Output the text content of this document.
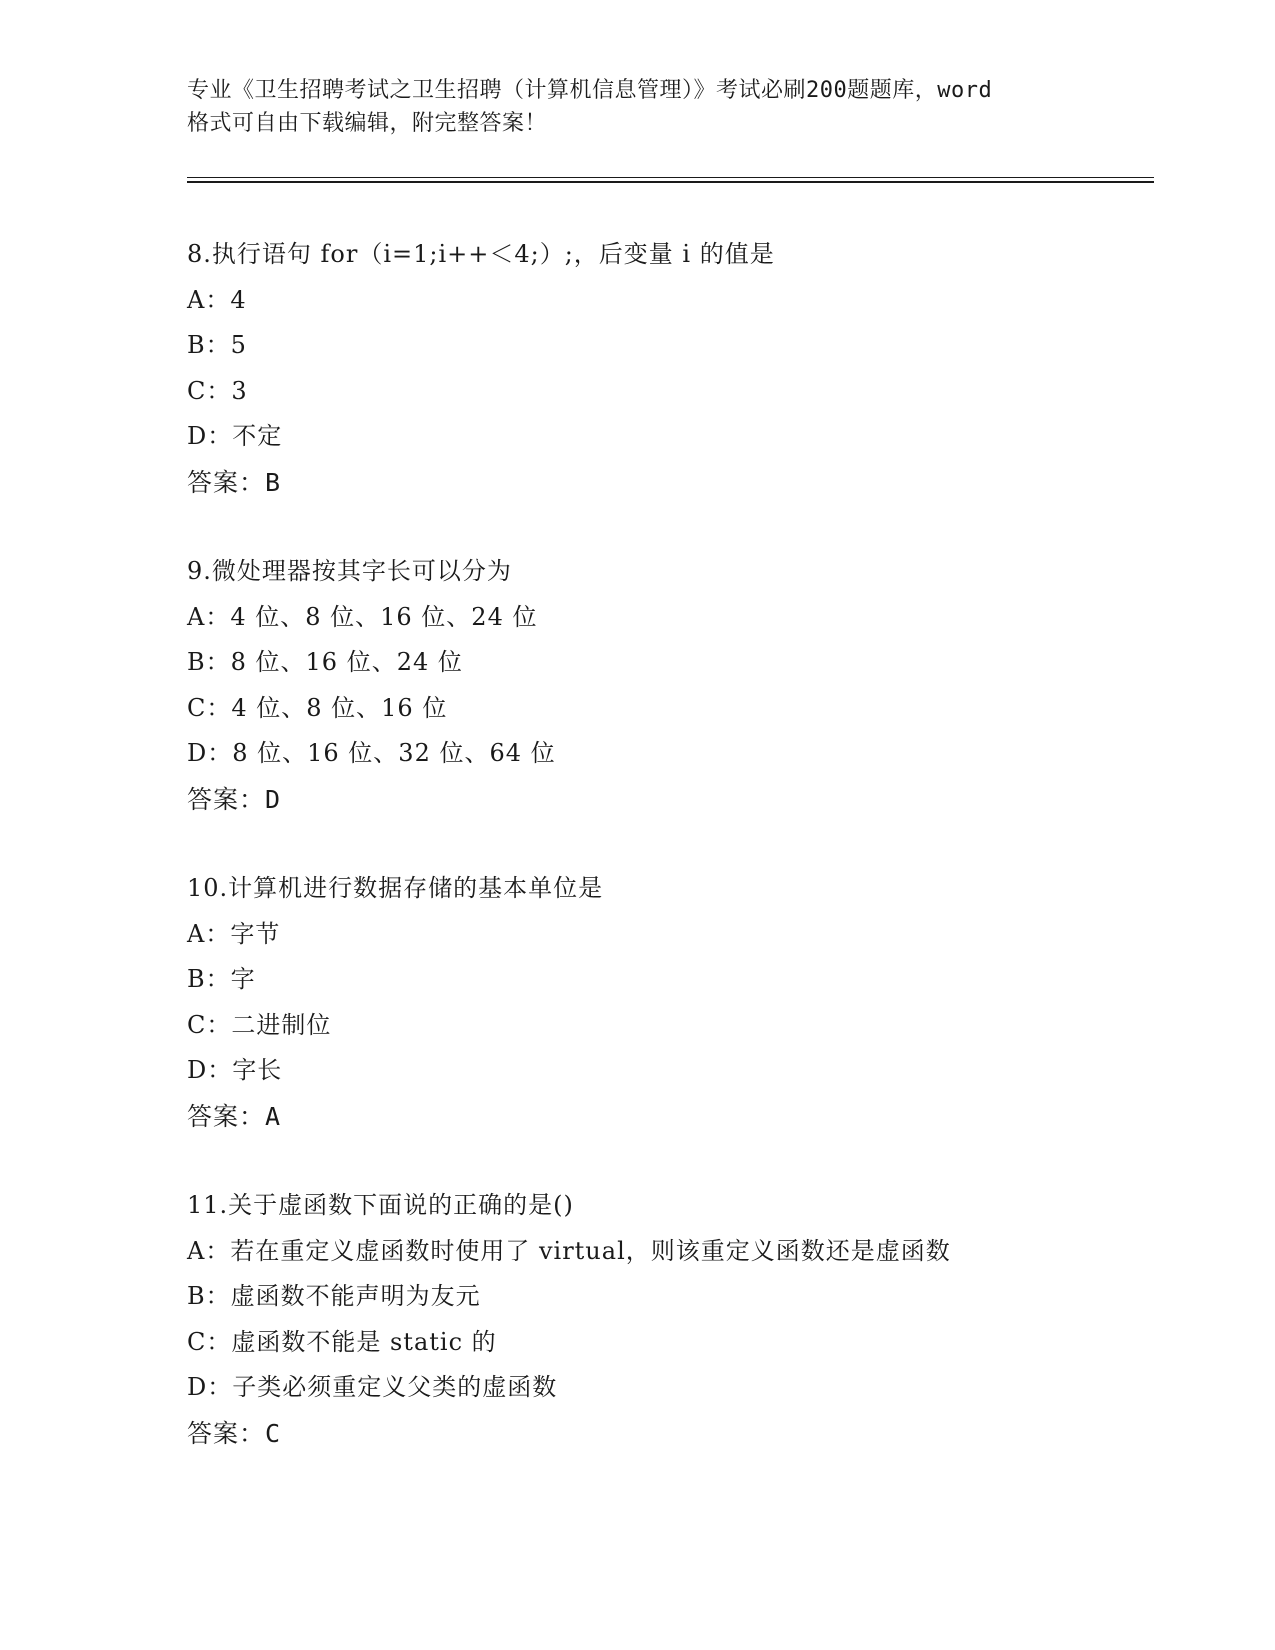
专业《卫生招聘考试之卫生招聘（计算机信息管理）》考试必刷200题题库，word
格式可自由下载编辑，附完整答案！
8.执行语句 for（i=1;i++＜4;）;，后变量 i 的值是
A：4
B：5
C：3
D：不定
答案：B
9.微处理器按其字长可以分为
A：4 位、8 位、16 位、24 位
B：8 位、16 位、24 位
C：4 位、8 位、16 位
D：8 位、16 位、32 位、64 位
答案：D
10.计算机进行数据存储的基本单位是
A：字节
B：字
C：二进制位
D：字长
答案：A
11.关于虚函数下面说的正确的是()
A：若在重定义虚函数时使用了 virtual，则该重定义函数还是虚函数
B：虚函数不能声明为友元
C：虚函数不能是 static 的
D：子类必须重定义父类的虚函数
答案：C
